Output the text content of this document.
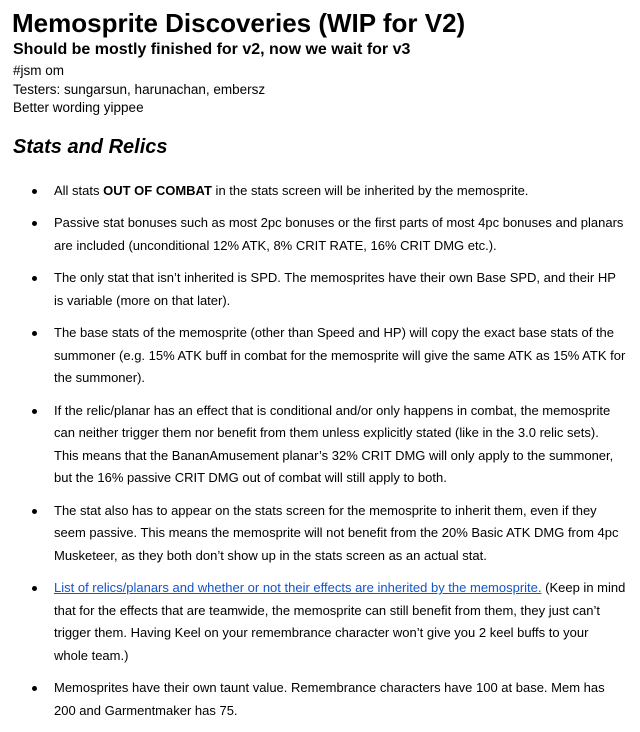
Memosprite Discoveries (WIP for V2)
Should be mostly finished for v2, now we wait for v3
#jsm om
Testers: sungarsun, harunachan, embersz
Better wording yippee
Stats and Relics
All stats OUT OF COMBAT in the stats screen will be inherited by the memosprite.
Passive stat bonuses such as most 2pc bonuses or the first parts of most 4pc bonuses and planars are included (unconditional 12% ATK, 8% CRIT RATE, 16% CRIT DMG etc.).
The only stat that isn’t inherited is SPD. The memosprites have their own Base SPD, and their HP is variable (more on that later).
The base stats of the memosprite (other than Speed and HP) will copy the exact base stats of the summoner (e.g. 15% ATK buff in combat for the memosprite will give the same ATK as 15% ATK for the summoner).
If the relic/planar has an effect that is conditional and/or only happens in combat, the memosprite can neither trigger them nor benefit from them unless explicitly stated (like in the 3.0 relic sets). This means that the BananAmusement planar’s 32% CRIT DMG will only apply to the summoner, but the 16% passive CRIT DMG out of combat will still apply to both.
The stat also has to appear on the stats screen for the memosprite to inherit them, even if they seem passive. This means the memosprite will not benefit from the 20% Basic ATK DMG from 4pc Musketeer, as they both don’t show up in the stats screen as an actual stat.
List of relics/planars and whether or not their effects are inherited by the memosprite. (Keep in mind that for the effects that are teamwide, the memosprite can still benefit from them, they just can’t trigger them. Having Keel on your remembrance character won’t give you 2 keel buffs to your whole team.)
Memosprites have their own taunt value. Remembrance characters have 100 at base. Mem has 200 and Garmentmaker has 75.
